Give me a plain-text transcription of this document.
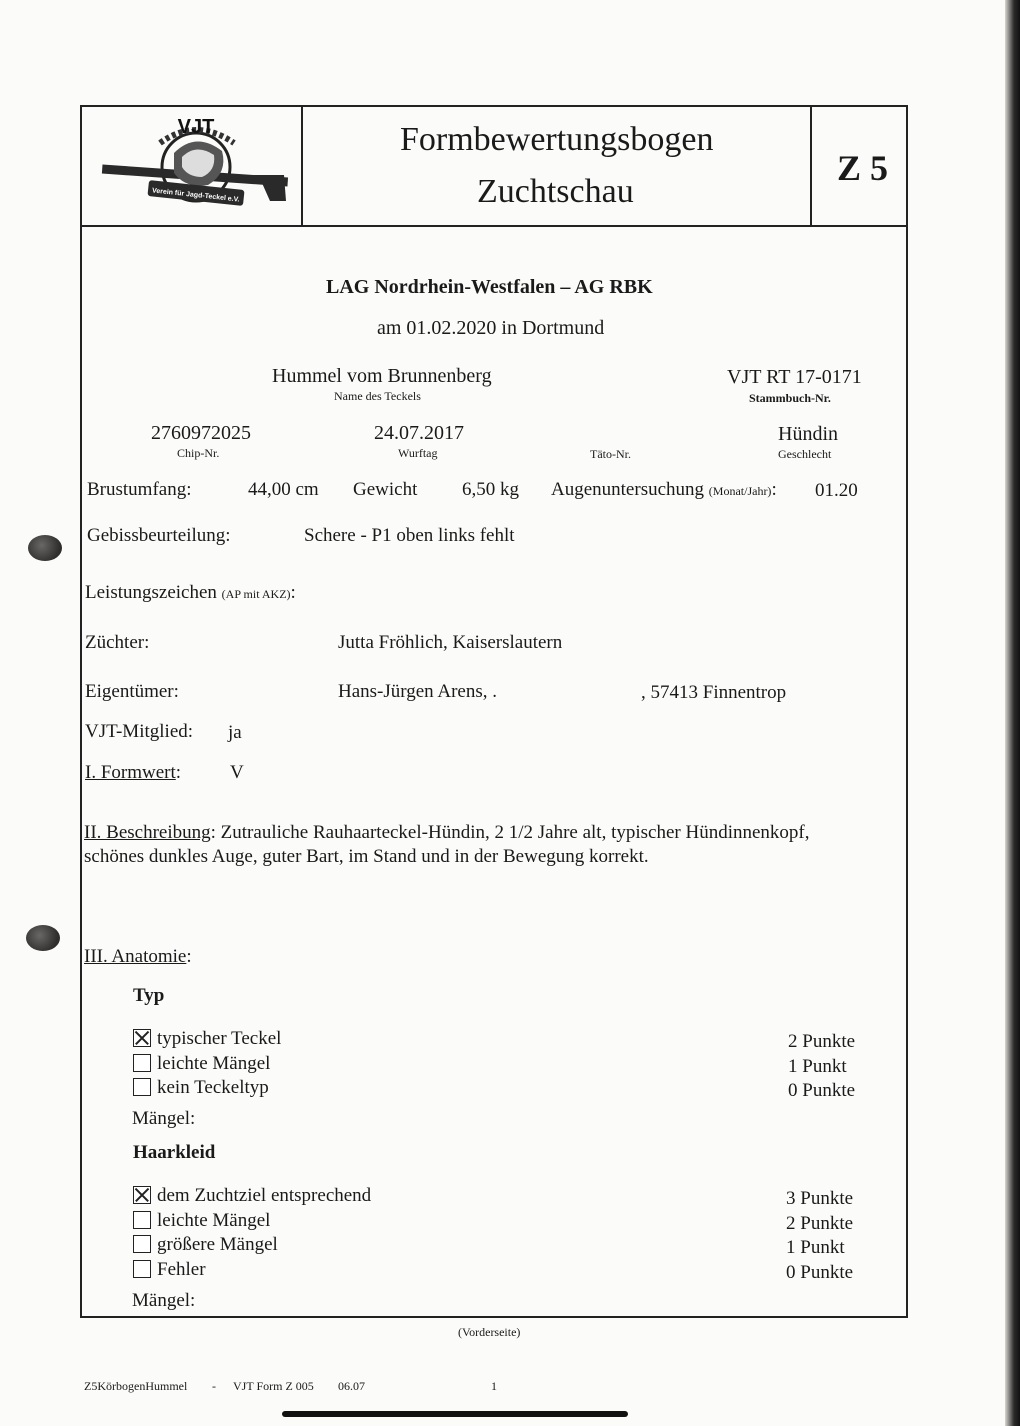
Verein für Jagd-Teckel e.V.
VJT	Formbewertungsbogen
Zuchtschau
Z 5
LAG Nordrhein-Westfalen – AG RBK
am 01.02.2020 in Dortmund
Hummel vom Brunnenberg
Name des Teckels
VJT RT 17-0171
Stammbuch-Nr.
2760972025
Chip-Nr.
24.07.2017
Wurftag	Täto-Nr.
Hündin
Geschlecht
Brustumfang:	44,00 cm Gewicht 6,50 kg Augenuntersuchung (Monat/Jahr): 01.20
Gebissbeurteilung:	Schere - P1 oben links fehlt
Leistungszeichen (AP mit AKZ):
Züchter:	Jutta Fröhlich, Kaiserslautern
Eigentümer:	Hans-Jürgen Arens, .	, 57413 Finnentrop
VJT-Mitglied: ja
I. Formwert:	V
II. Beschreibung: Zutrauliche Rauhaarteckel-Hündin, 2 1/2 Jahre alt, typischer Hündinnenkopf,
schönes dunkles Auge, guter Bart, im Stand und in der Bewegung korrekt.
III. Anatomie:
Typ
typischer Teckel	2 Punkte
leichte Mängel	1 Punkt
kein Teckeltyp	0 Punkte
Mängel:
Haarkleid
dem Zuchtziel entsprechend	3 Punkte
leichte Mängel	2 Punkte
größere Mängel	1 Punkt
Fehler	0 Punkte
Mängel:
(Vorderseite)
Z5KörbogenHummel - VJT Form Z 005 06.07	1
